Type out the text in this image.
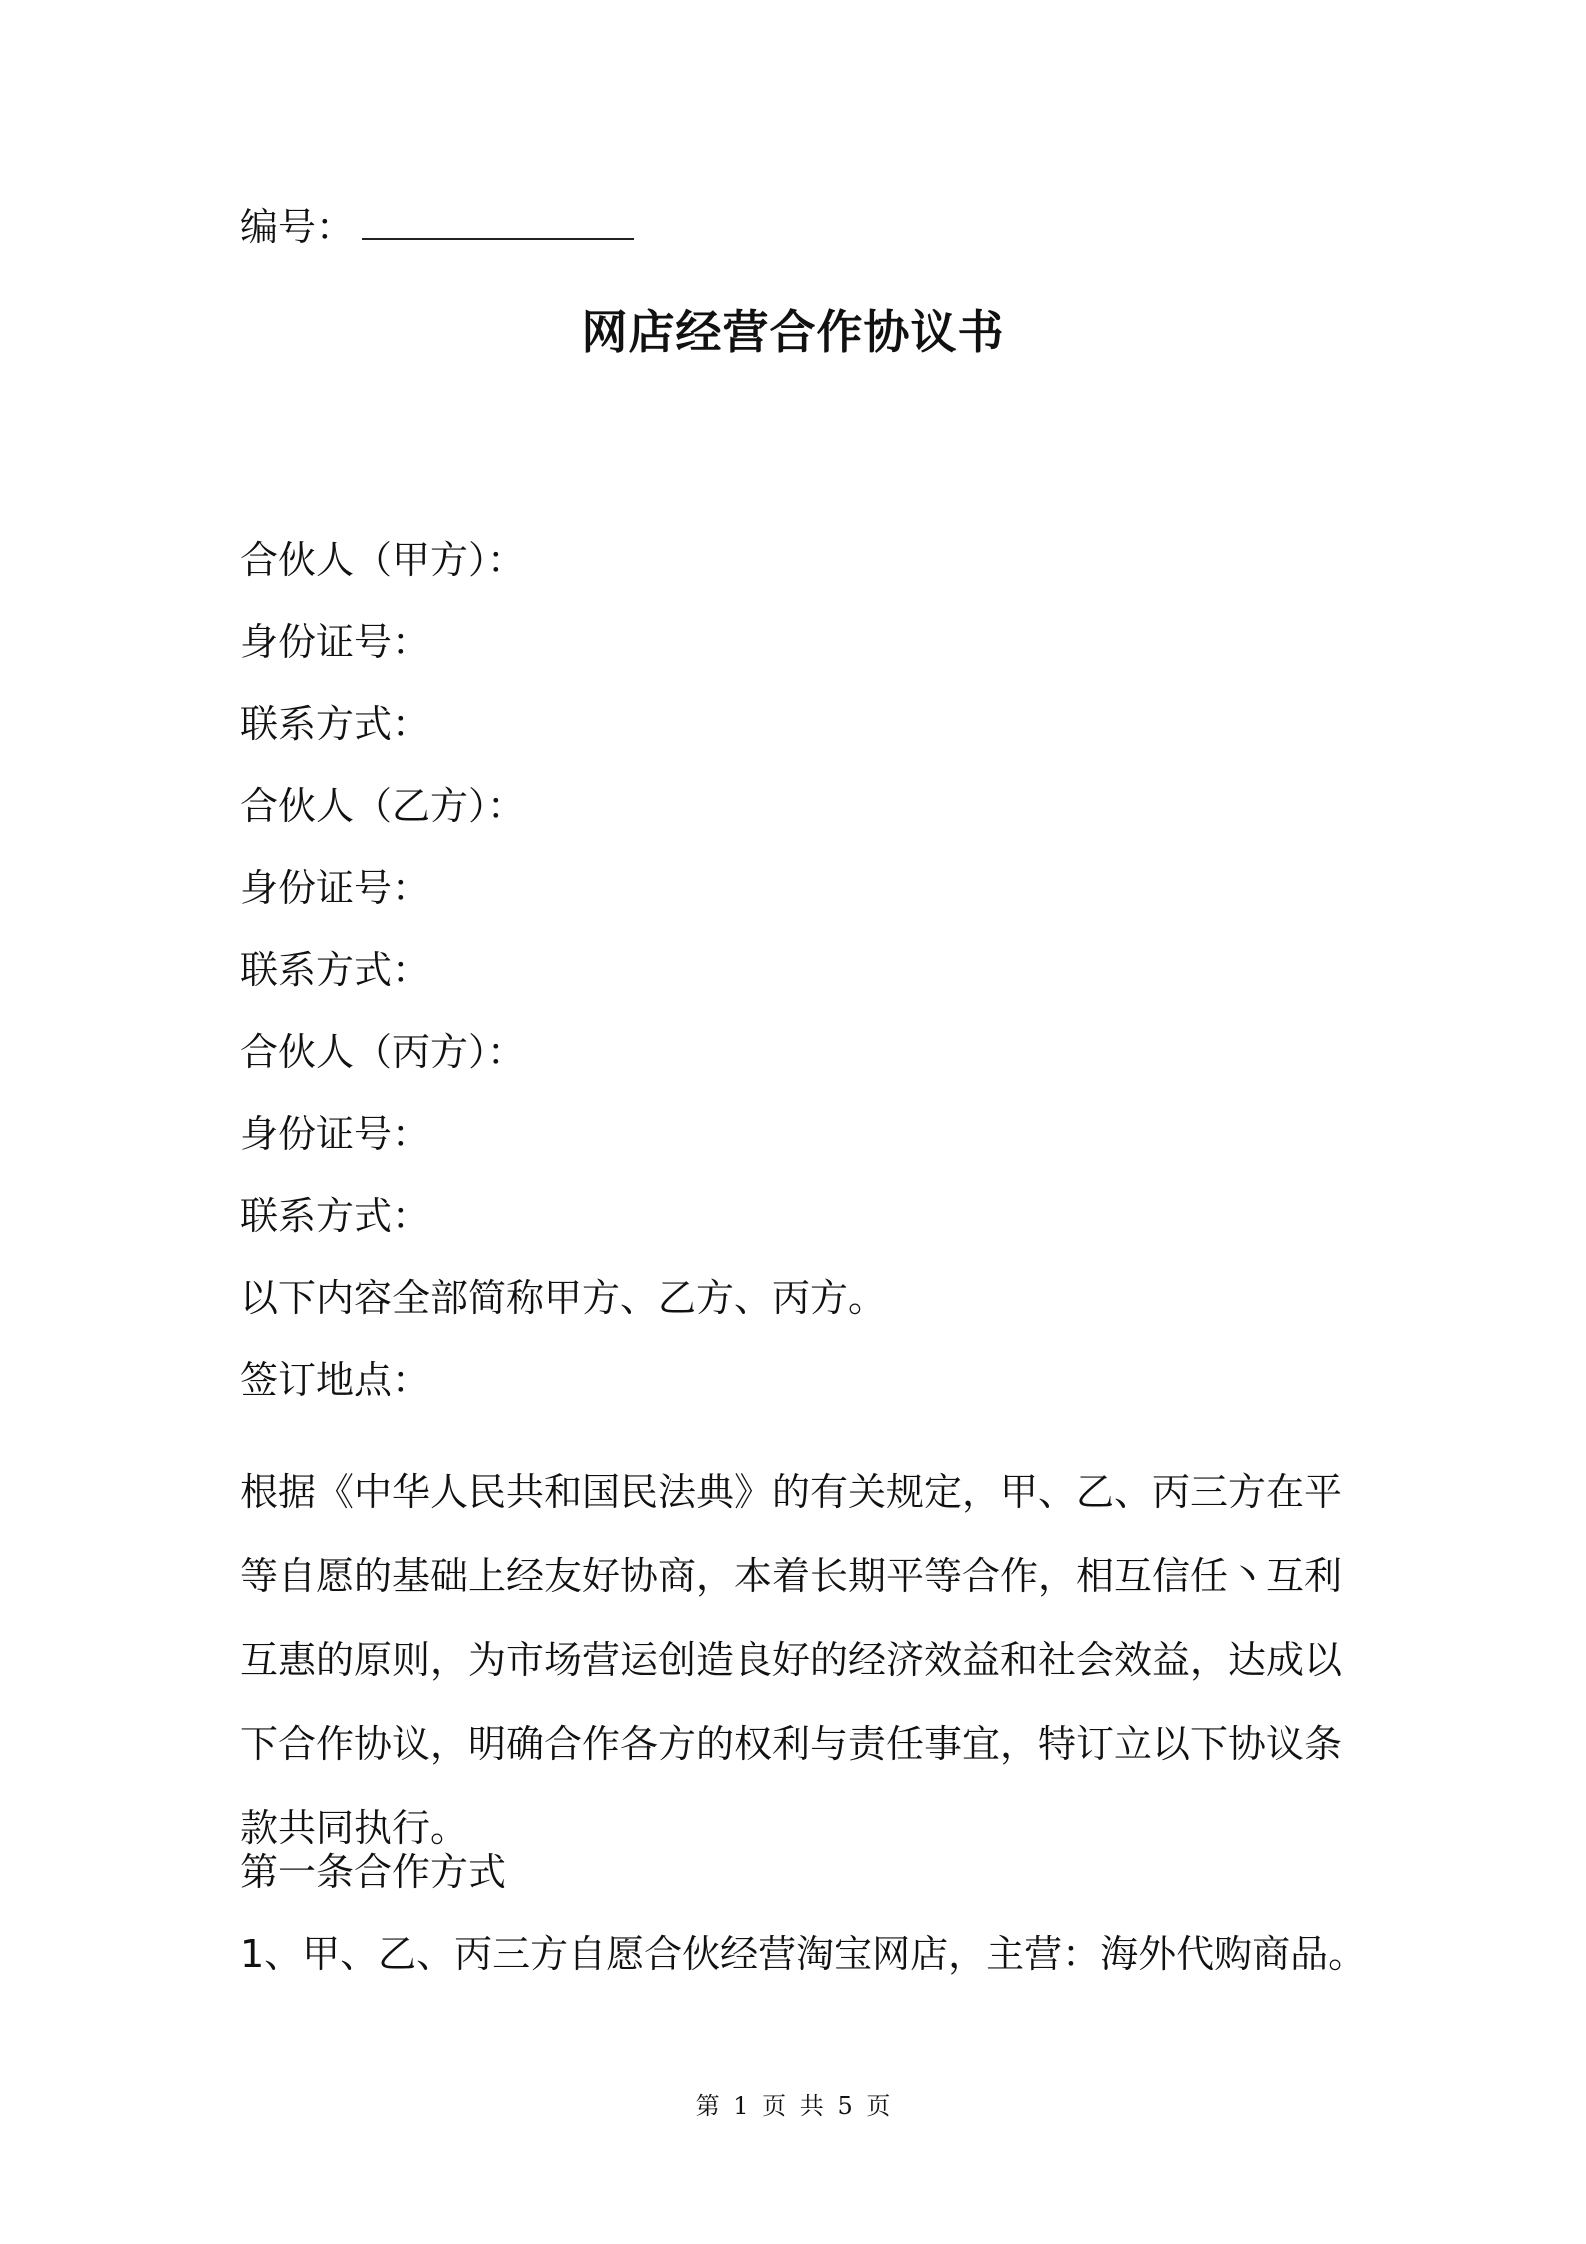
编号：
网店经营合作协议书
合伙人（甲方）：
身份证号：
联系方式：
合伙人（乙方）：
身份证号：
联系方式：
合伙人（丙方）：
身份证号：
联系方式：
以下内容全部简称甲方、乙方、丙方。
签订地点：
根据《中华人民共和国民法典》的有关规定，甲、乙、丙三方在平等自愿的基础上经友好协商，本着长期平等合作，相互信任丶互利互惠的原则，为市场营运创造良好的经济效益和社会效益，达成以下合作协议，明确合作各方的权利与责任事宜，特订立以下协议条款共同执行。
第一条合作方式
1、甲、乙、丙三方自愿合伙经营淘宝网店，主营：海外代购商品。
第 1 页 共 5 页
